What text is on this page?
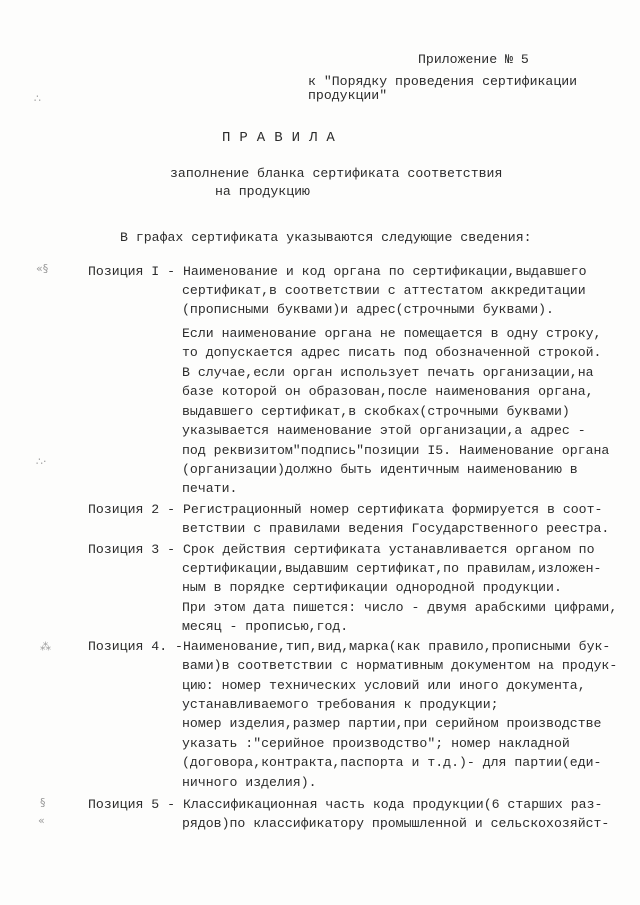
Приложение № 5
к "Порядку проведения сертификации
продукции"
ПРАВИЛА
заполнение бланка сертификата соответствия
на продукцию
В графах сертификата указываются следующие сведения:
Позиция I - Наименование и код органа по сертификации,выдавшего
сертификат,в соответствии с аттестатом аккредитации
(прописными буквами)и адрес(строчными буквами).
Если наименование органа не помещается в одну строку,
то допускается адрес писать под обозначенной строкой.
В случае,если орган использует печать организации,на
базе которой он образован,после наименования органа,
выдавшего сертификат,в скобках(строчными буквами)
указывается наименование этой организации,а адрес -
под реквизитом"подпись"позиции I5. Наименование органа
(организации)должно быть идентичным наименованию в
печати.
Позиция 2 - Регистрационный номер сертификата формируется в соот-
ветствии с правилами ведения Государственного реестра.
Позиция 3 - Срок действия сертификата устанавливается органом по
сертификации,выдавшим сертификат,по правилам,изложен-
ным в порядке сертификации однородной продукции.
При этом дата пишется: число - двумя арабскими цифрами,
месяц - прописью,год.
Позиция 4. -Наименование,тип,вид,марка(как правило,прописными бук-
вами)в соответствии с нормативным документом на продук-
цию: номер технических условий или иного документа,
устанавливаемого требования к продукции;
номер изделия,размер партии,при серийном производстве
указать :"серийное производство"; номер накладной
(договора,контракта,паспорта и т.д.)- для партии(еди-
ничного изделия).
Позиция 5 - Классификационная часть кода продукции(6 старших раз-
рядов)по классификатору промышленной и сельскохозяйст-
∴
«§
∴·
⁂
§
«
